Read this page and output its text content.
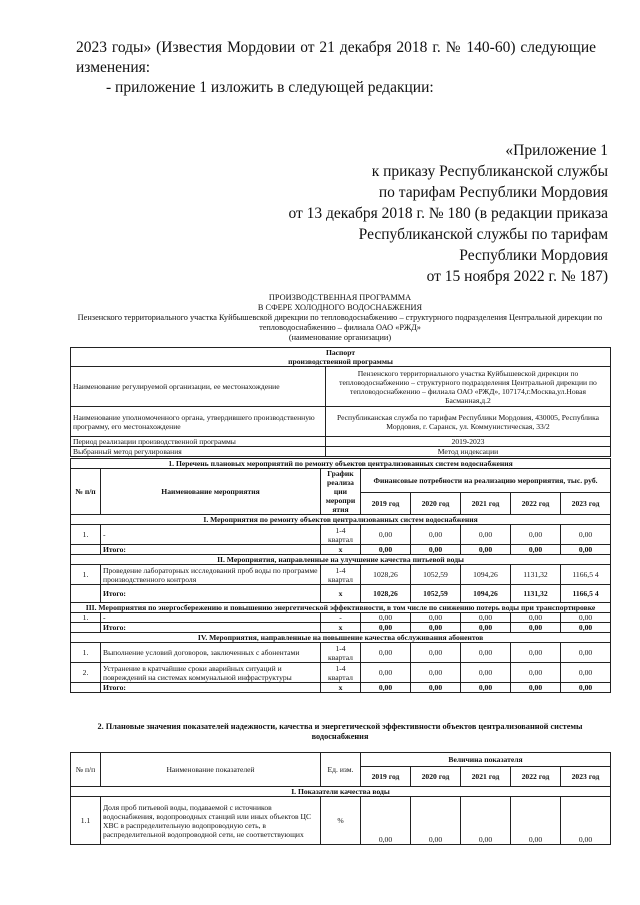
2023 годы» (Известия Мордовии от 21 декабря 2018 г. № 140-60) следующие изменения:
- приложение 1 изложить в следующей редакции:
«Приложение 1
к приказу Республиканской службы
по тарифам Республики Мордовия
от 13 декабря 2018 г. № 180 (в редакции приказа
Республиканской службы по тарифам
Республики Мордовия
от 15 ноября 2022 г. № 187)
ПРОИЗВОДСТВЕННАЯ ПРОГРАММА
В СФЕРЕ ХОЛОДНОГО ВОДОСНАБЖЕНИЯ
Пензенского территориального участка Куйбышевской дирекции по тепловодоснабжению – структурного подразделения Центральной дирекции по тепловодоснабжению – филиала ОАО «РЖД»
(наименование организации)
Паспорт
производственной программы	

Наименование регулируемой организации, ее местонахождение	Пензенского территориального участка Куйбышевской дирекции по тепловодоснабжению – структурного подразделения Центральной дирекции по тепловодоснабжению – филиала ОАО «РЖД», 107174,г.Москва,ул.Новая Басманная,д.2
Наименование уполномоченного органа, утвердившего производственную программу, его местонахождение	Республиканская служба по тарифам Республики Мордовия, 430005, Республика Мордовия, г. Саранск, ул. Коммунистическая, 33/2
Период реализации производственной программы	2019-2023
Выбранный метод регулирования	Метод индексации
1. Перечень плановых мероприятий по ремонту объектов централизованных систем водоснабжения							
№ п/п	Наименование мероприятия	График реализа ции меропри ятия	Финансовые потребности на реализацию мероприятия, тыс. руб.				
			2019 год	2020 год	2021 год	2022 год	2023 год
I. Мероприятия по ремонту объектов централизованных систем водоснабжения							
1.	-	1-4 квартал	0,00	0,00	0,00	0,00	0,00
	Итого:	x	0,00	0,00	0,00	0,00	0,00
II. Мероприятия, направленные на улучшение качества питьевой воды							
1.	Проведение лабораторных исследований проб воды по программе производственного контроля	1-4 квартал	1028,26	1052,59	1094,26	1131,32	1166,5 4
	Итого:	x	1028,26	1052,59	1094,26	1131,32	1166,5 4
III. Мероприятия по энергосбережению и повышению энергетической эффективности, в том числе по снижению потерь воды при транспортировке							
1.	-	-	0,00	0,00	0,00	0,00	0,00
	Итого:	x	0,00	0,00	0,00	0,00	0,00
IV. Мероприятия, направленные на повышение качества обслуживания абонентов							
1.	Выполнение условий договоров, заключенных с абонентами	1-4 квартал	0,00	0,00	0,00	0,00	0,00
2.	Устранение в кратчайшие сроки аварийных ситуаций и повреждений на системах коммунальной инфраструктуры	1-4 квартал	0,00	0,00	0,00	0,00	0,00
	Итого:	x	0,00	0,00	0,00	0,00	0,00
2. Плановые значения показателей надежности, качества и энергетической эффективности объектов централизованной системы водоснабжения
№ п/п	Наименование показателей	Ед. изм.	Величина показателя				
			2019 год	2020 год	2021 год	2022 год	2023 год
I. Показатели качества воды							
1.1	Доля проб питьевой воды, подаваемой с источников водоснабжения, водопроводных станций или иных объектов ЦС ХВС в распределительную водопроводную сеть, в распределительной водопроводной сети, не соответствующих	%	0,00	0,00	0,00	0,00	0,00
